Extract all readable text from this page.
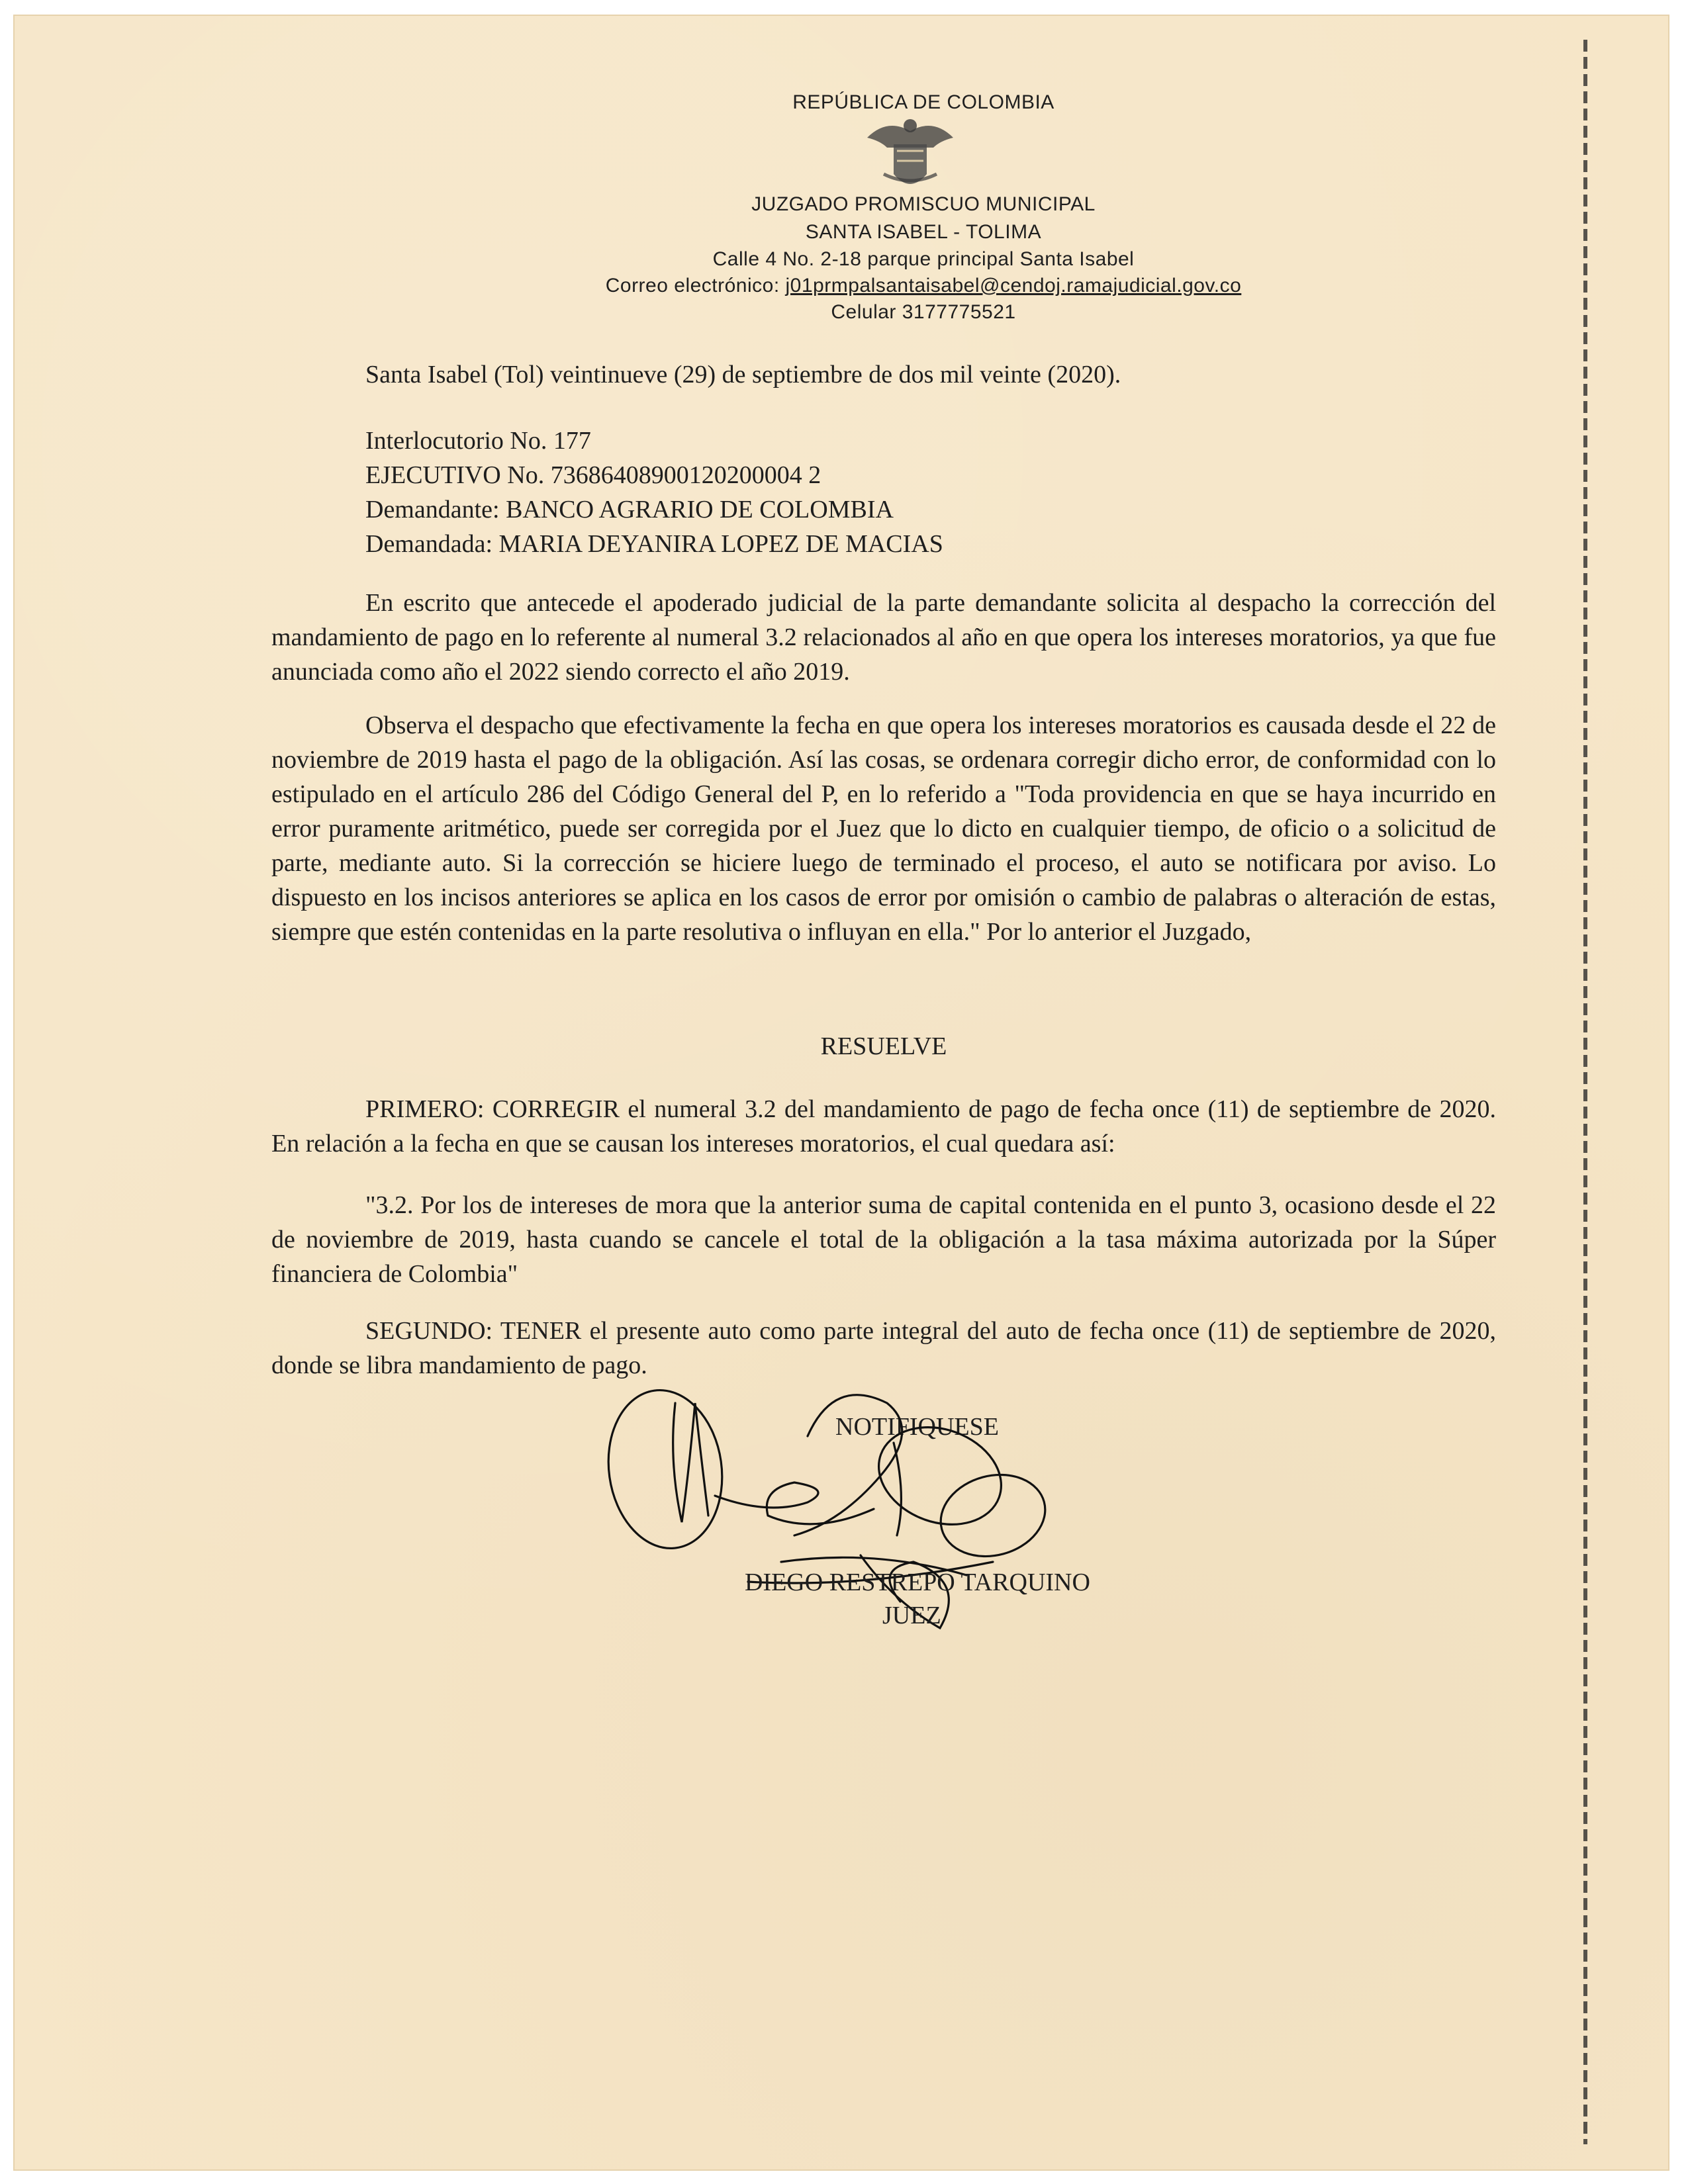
REPÚBLICA DE COLOMBIA
JUZGADO PROMISCUO MUNICIPAL
SANTA ISABEL - TOLIMA
Calle 4 No. 2-18 parque principal Santa Isabel
Correo electrónico: j01prmpalsantaisabel@cendoj.ramajudicial.gov.co
Celular 3177775521
Santa Isabel (Tol) veintinueve (29) de septiembre de dos mil veinte (2020).
Interlocutorio No. 177
EJECUTIVO No. 73686408900120200004 2
Demandante: BANCO AGRARIO DE COLOMBIA
Demandada: MARIA DEYANIRA LOPEZ DE MACIAS
En escrito que antecede el apoderado judicial de la parte demandante solicita al despacho la corrección del mandamiento de pago en lo referente al numeral 3.2 relacionados al año en que opera los intereses moratorios, ya que fue anunciada como año el 2022 siendo correcto el año 2019.
Observa el despacho que efectivamente la fecha en que opera los intereses moratorios es causada desde el 22 de noviembre de 2019 hasta el pago de la obligación. Así las cosas, se ordenara corregir dicho error, de conformidad con lo estipulado en el artículo 286 del Código General del P, en lo referido a "Toda providencia en que se haya incurrido en error puramente aritmético, puede ser corregida por el Juez que lo dicto en cualquier tiempo, de oficio o a solicitud de parte, mediante auto. Si la corrección se hiciere luego de terminado el proceso, el auto se notificara por aviso. Lo dispuesto en los incisos anteriores se aplica en los casos de error por omisión o cambio de palabras o alteración de estas, siempre que estén contenidas en la parte resolutiva o influyan en ella." Por lo anterior el Juzgado,
RESUELVE
PRIMERO: CORREGIR el numeral 3.2 del mandamiento de pago de fecha once (11) de septiembre de 2020. En relación a la fecha en que se causan los intereses moratorios, el cual quedara así:
"3.2. Por los de intereses de mora que la anterior suma de capital contenida en el punto 3, ocasiono desde el 22 de noviembre de 2019, hasta cuando se cancele el total de la obligación a la tasa máxima autorizada por la Súper financiera de Colombia"
SEGUNDO: TENER el presente auto como parte integral del auto de fecha once (11) de septiembre de 2020, donde se libra mandamiento de pago.
NOTIFIQUESE
DIEGO RESTREPO TARQUINO
JUEZ
